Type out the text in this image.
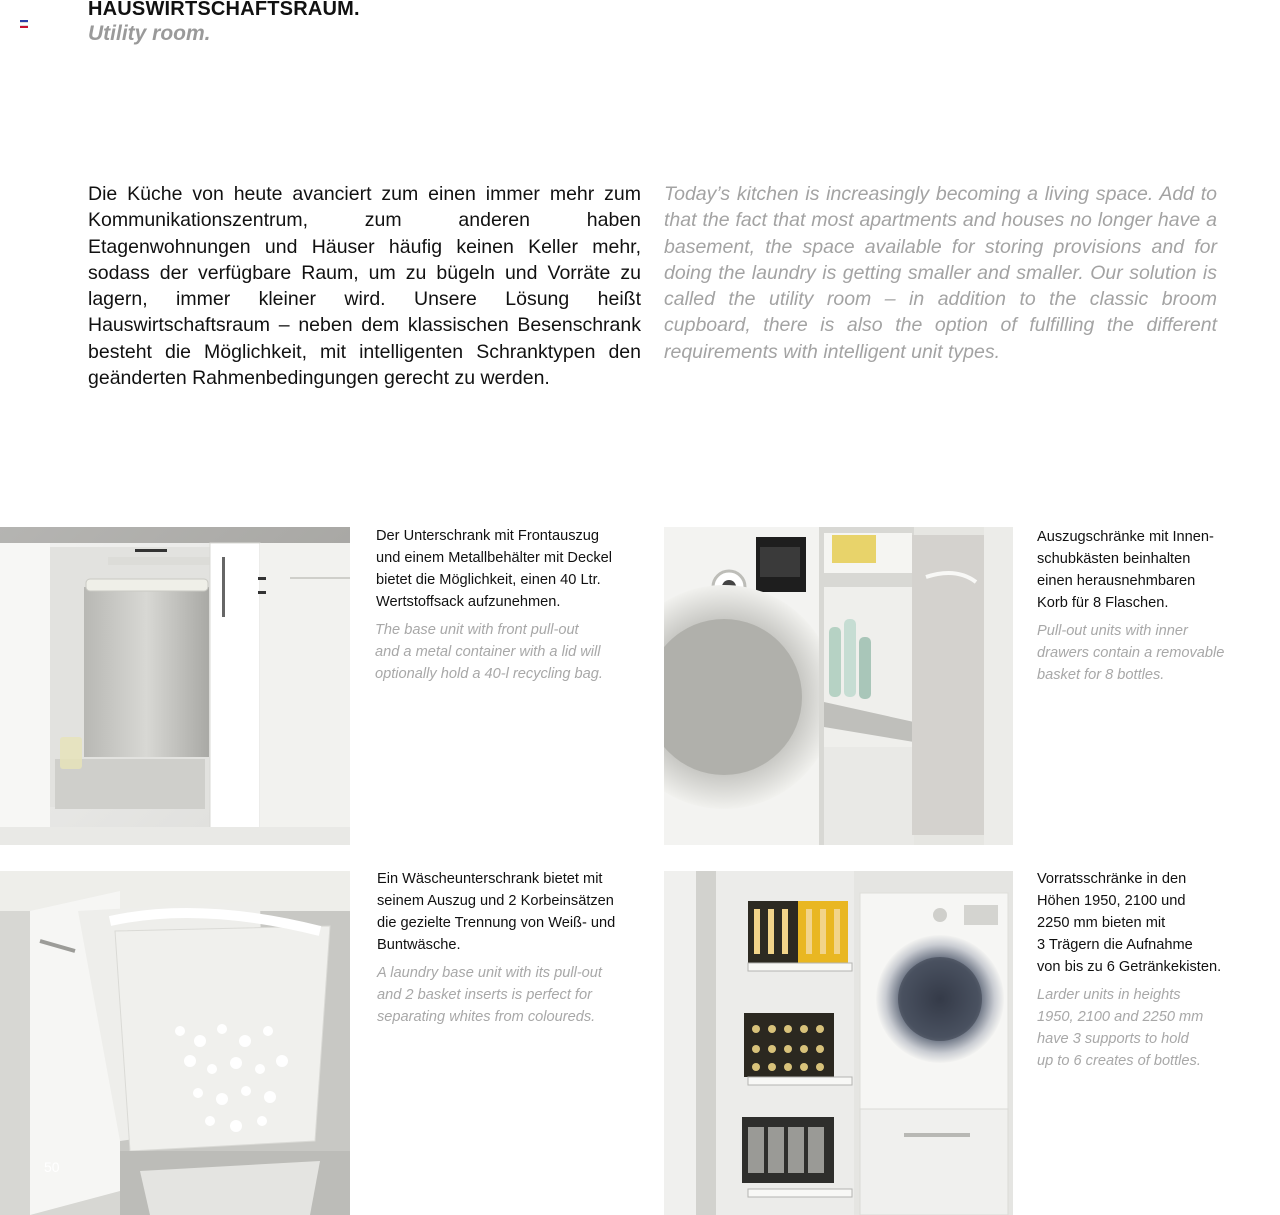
HAUSWIRTSCHAFTSRAUM.
Utility room.

Die Küche von heute avanciert zum einen immer mehr zum Kommunikationszentrum, zum anderen haben Etagenwohnungen und Häuser häufig keinen Keller mehr, sodass der verfügbare Raum, um zu bügeln und Vorräte zu lagern, immer kleiner wird. Unsere Lösung heißt Hauswirtschaftsraum – neben dem klassischen Besenschrank besteht die Möglichkeit, mit intelligenten Schranktypen den geänderten Rahmenbedingungen gerecht zu werden.

Today’s kitchen is increasingly becoming a living space. Add to that the fact that most apartments and houses no longer have a basement, the space available for storing provisions and for doing the laundry is getting smaller and smaller. Our solution is called the utility room – in addition to the classic broom cupboard, there is also the option of fulfilling the different requirements with intelligent unit types.

Der Unterschrank mit Frontauszug
und einem Metallbehälter mit Deckel
bietet die Möglichkeit, einen 40 Ltr.
Wertstoffsack aufzunehmen.
The base unit with front pull-out
and a metal container with a lid will
optionally hold a 40-l recycling bag.
Auszugschränke mit Innen-
schubkästen beinhalten
einen herausnehmbaren
Korb für 8 Flaschen.
Pull-out units with inner
drawers contain a removable
basket for 8 bottles.
Ein Wäscheunterschrank bietet mit
seinem Auszug und 2 Korbeinsätzen
die gezielte Trennung von Weiß- und
Buntwäsche.
A laundry base unit with its pull-out
and 2 basket inserts is perfect for
separating whites from coloureds.
Vorratsschränke in den
Höhen 1950, 2100 und
2250 mm bieten mit
3 Trägern die Aufnahme
von bis zu 6 Getränkekisten.
Larder units in heights
1950, 2100 and 2250 mm
have 3 supports to hold
up to 6 creates of bottles.
50
